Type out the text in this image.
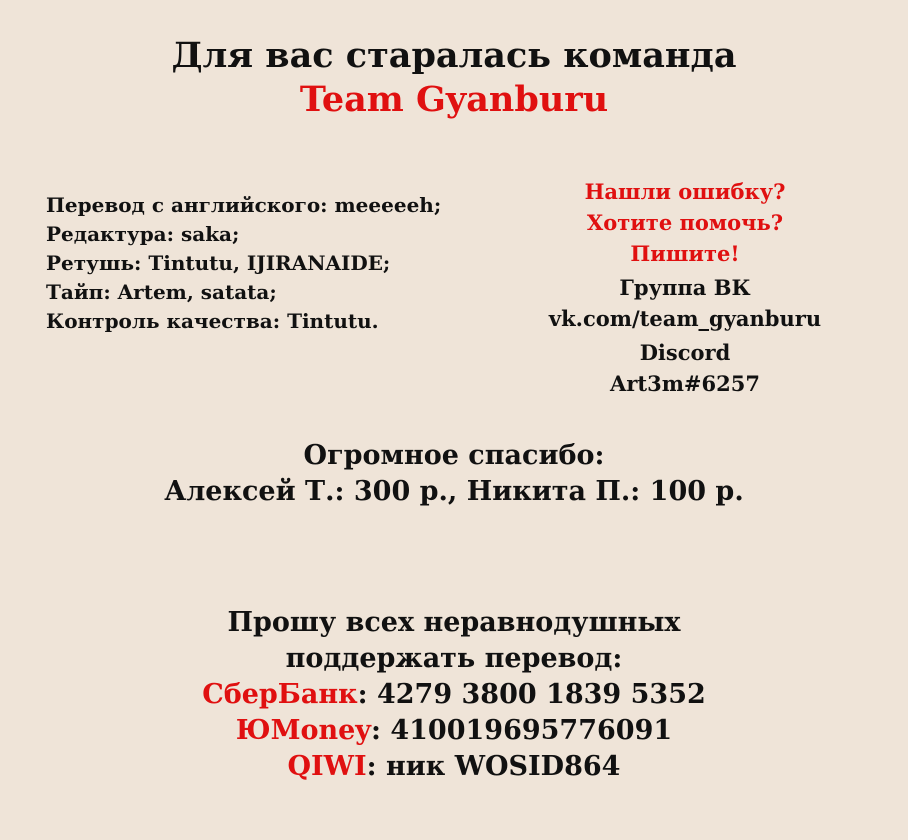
Для вас старалась команда
Team Gyanburu
Перевод с английского: meeeeeh;
Редактура: saka;
Ретушь: Tintutu, IJIRANAIDE;
Тайп: Artem, satata;
Контроль качества: Tintutu.
Нашли ошибку?
Хотите помочь?
Пишите!
Группа ВК
vk.com/team_gyanburu
Discord
Art3m#6257
Огромное спасибо:
Алексей Т.: 300 р., Никита П.: 100 р.
Прошу всех неравнодушных
поддержать перевод:
СберБанк: 4279 3800 1839 5352
ЮMoney: 410019695776091
QIWI: ник WOSID864
